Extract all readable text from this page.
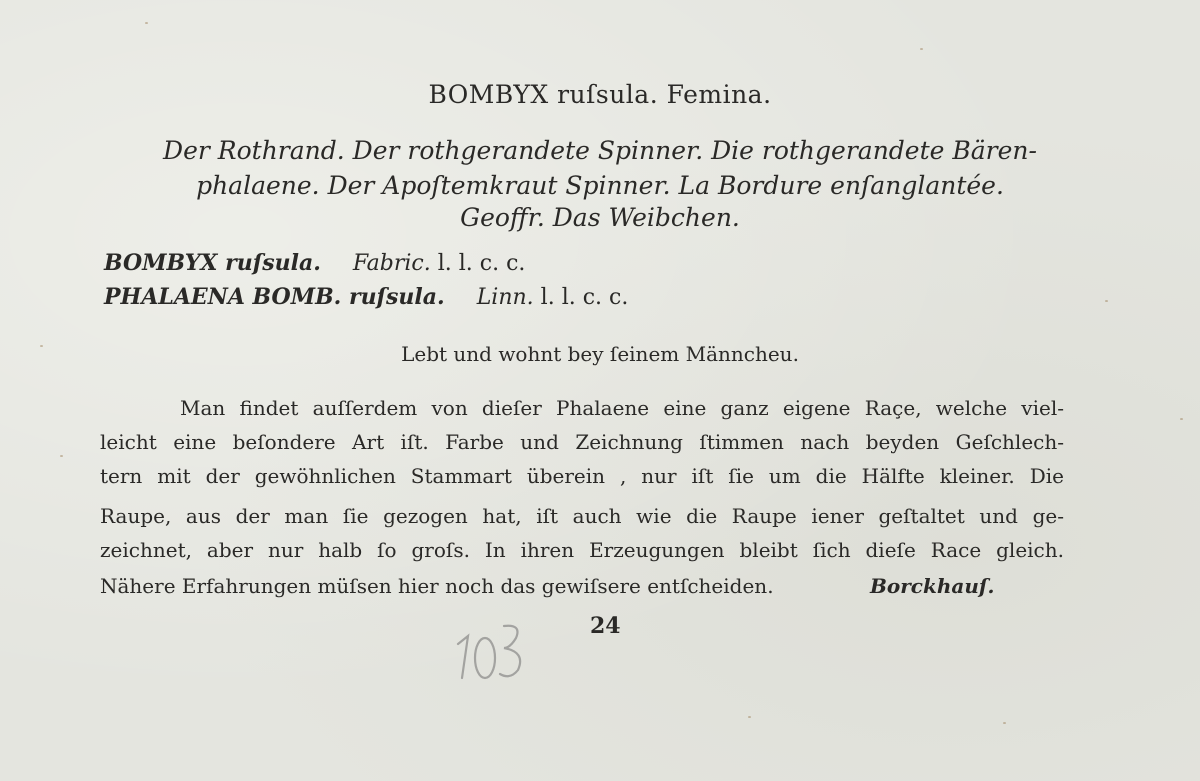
BOMBYX ruſsula. Femina.
Der Rothrand. Der rothgerandete Spinner. Die rothgerandete Bären-
phalaene. Der Apoſtemkraut Spinner. La Bordure enſanglantée.
Geoffr. Das Weibchen.
BOMBYX ruſsula. Fabric. l. l. c. c.
PHALAENA BOMB. ruſsula. Linn. l. l. c. c.
Lebt und wohnt bey ſeinem Männcheu.
Man findet auſſerdem von dieſer Phalaene eine ganz eigene Raçe, welche viel-
leicht eine beſondere Art iſt. Farbe und Zeichnung ſtimmen nach beyden Geſchlech-
tern mit der gewöhnlichen Stammart überein , nur iſt ſie um die Hälfte kleiner. Die
Raupe, aus der man ſie gezogen hat, iſt auch wie die Raupe iener geſtaltet und ge-
zeichnet, aber nur halb ſo groſs. In ihren Erzeugungen bleibt ſich dieſe Race gleich.
Nähere Erfahrungen müſsen hier noch das gewiſsere entſcheiden.	Borckhauſ.
24
